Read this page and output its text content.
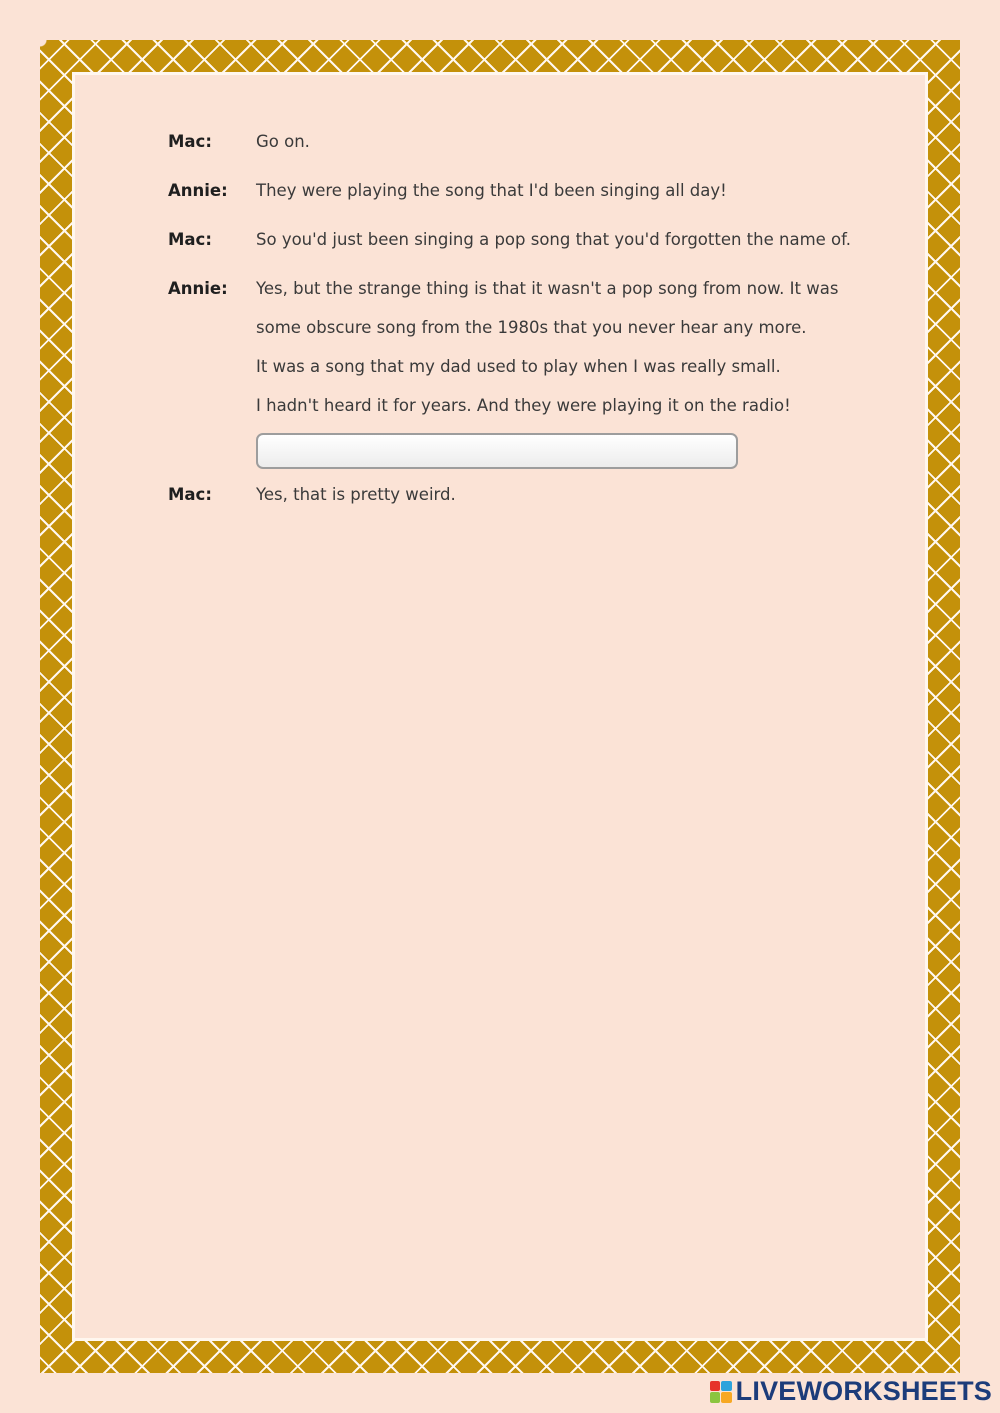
Mac:	Go on.
Annie:	They were playing the song that I'd been singing all day!
Mac:	So you'd just been singing a pop song that you'd forgotten the name of.
Annie:	Yes, but the strange thing is that it wasn't a pop song from now. It was
some obscure song from the 1980s that you never hear any more.
It was a song that my dad used to play when I was really small.
I hadn't heard it for years. And they were playing it on the radio!
Mac:	Yes, that is pretty weird.
LIVEWORKSHEETS
